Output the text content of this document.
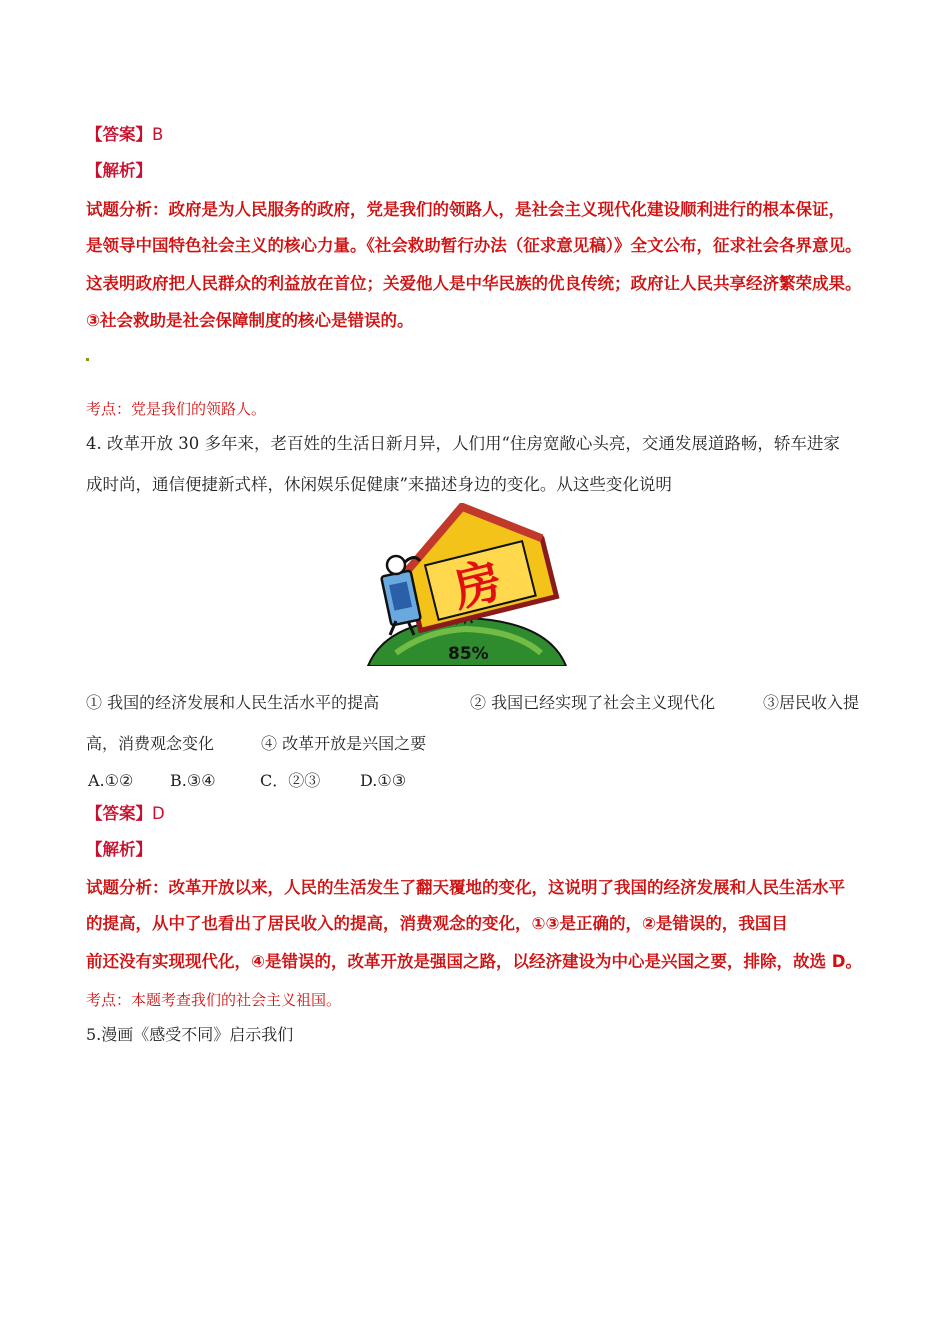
【答案】B
【解析】
试题分析：政府是为人民服务的政府，党是我们的领路人，是社会主义现代化建设顺利进行的根本保证，
是领导中国特色社会主义的核心力量。《社会救助暂行办法（征求意见稿）》全文公布，征求社会各界意见。
这表明政府把人民群众的利益放在首位；关爱他人是中华民族的优良传统；政府让人民共享经济繁荣成果。
③社会救助是社会保障制度的核心是错误的。
考点：党是我们的领路人。
4. 改革开放 30 多年来，老百姓的生活日新月异，人们用“住房宽敞心头亮，交通发展道路畅，轿车进家
成时尚，通信便捷新式样，休闲娱乐促健康”来描述身边的变化。从这些变化说明
85%
房
① 我国的经济发展和人民生活水平的提高	② 我国已经实现了社会主义现代化	③居民收入提
高，消费观念变化	④ 改革开放是兴国之要
A.①② B.③④	C．②③ D.①③
【答案】D
【解析】
试题分析：改革开放以来，人民的生活发生了翻天覆地的变化，这说明了我国的经济发展和人民生活水平
的提高，从中了也看出了居民收入的提高，消费观念的变化，①③是正确的，②是错误的，我国目
前还没有实现现代化，④是错误的，改革开放是强国之路，以经济建设为中心是兴国之要，排除，故选 D。
考点：本题考查我们的社会主义祖国。
5.漫画《感受不同》启示我们
